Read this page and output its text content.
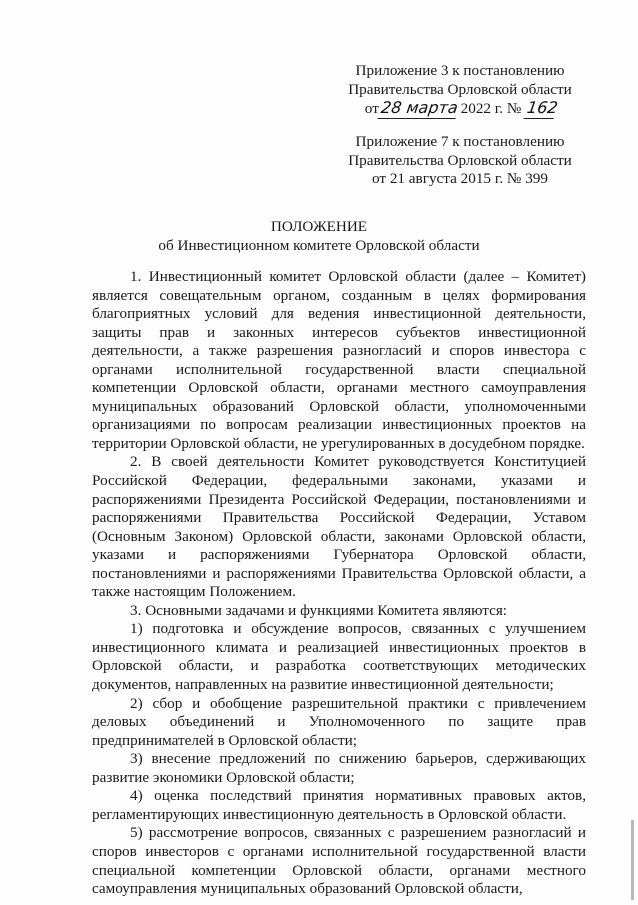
Приложение 3 к постановлению
Правительства Орловской области
от28 марта 2022 г. № 162
Приложение 7 к постановлению
Правительства Орловской области
от 21 августа 2015 г. № 399
ПОЛОЖЕНИЕ
об Инвестиционном комитете Орловской области

1. Инвестиционный комитет Орловской области (далее – Комитет) является совещательным органом, созданным в целях формирования благоприятных условий для ведения инвестиционной деятельности, защиты прав и законных интересов субъектов инвестиционной деятельности, а также разрешения разногласий и споров инвестора с органами исполнительной государственной власти специальной компетенции Орловской области, органами местного самоуправления муниципальных образований Орловской области, уполномоченными организациями по вопросам реализации инвестиционных проектов на территории Орловской области, не урегулированных в досудебном порядке.

2. В своей деятельности Комитет руководствуется Конституцией Российской Федерации, федеральными законами, указами и распоряжениями Президента Российской Федерации, постановлениями и распоряжениями Правительства Российской Федерации, Уставом (Основным Законом) Орловской области, законами Орловской области, указами и распоряжениями Губернатора Орловской области, постановлениями и распоряжениями Правительства Орловской области, а также настоящим Положением.

3. Основными задачами и функциями Комитета являются:

1) подготовка и обсуждение вопросов, связанных с улучшением инвестиционного климата и реализацией инвестиционных проектов в Орловской области, и разработка соответствующих методических документов, направленных на развитие инвестиционной деятельности;

2) сбор и обобщение разрешительной практики с привлечением деловых объединений и Уполномоченного по защите прав предпринимателей в Орловской области;

3) внесение предложений по снижению барьеров, сдерживающих развитие экономики Орловской области;

4) оценка последствий принятия нормативных правовых актов, регламентирующих инвестиционную деятельность в Орловской области.

5) рассмотрение вопросов, связанных с разрешением разногласий и споров инвесторов с органами исполнительной государственной власти специальной компетенции Орловской области, органами местного самоуправления муниципальных образований Орловской области,
